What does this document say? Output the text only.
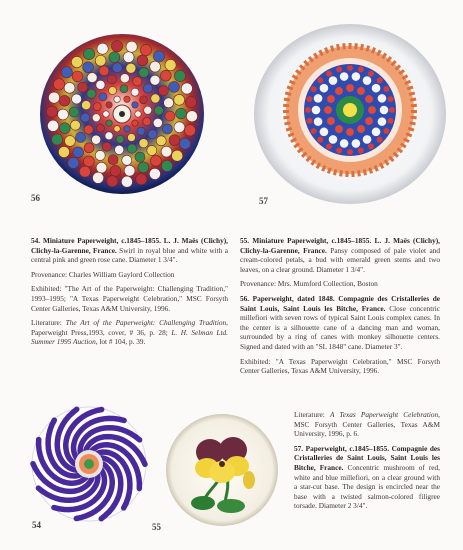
56	57
54	55

54. Miniature Paperweight, c.1845–1855. L. J. Maës (Clichy), Clichy-la-Garenne, France. Swirl in royal blue and white with a central pink and green rose cane. Diameter 1 3/4".

Provenance: Charles William Gaylord Collection

Exhibited: "The Art of the Paperweight: Challenging Tradition," 1993–1995; "A Texas Paperweight Celebration," MSC Forsyth Center Galleries, Texas A&M University, 1996.

Literature: The Art of the Paperweight: Challenging Tradition, Paperweight Press,1993, cover, # 36, p. 28; L. H. Selman Ltd. Summer 1995 Auction, lot # 104, p. 39.

55. Miniature Paperweight, c.1845–1855. L. J. Maës (Clichy), Clichy-la-Garenne, France. Pansy composed of pale violet and cream-colored petals, a bud with emerald green stems and two leaves, on a clear ground. Diameter 1 3/4".

Provenance: Mrs. Mumford Collection, Boston

56. Paperweight, dated 1848. Compagnie des Cristalleries de Saint Louis, Saint Louis les Bitche, France. Close concentric millefiori with seven rows of typical Saint Louis complex canes. In the center is a silhouette cane of a dancing man and woman, surrounded by a ring of canes with monkey silhouette centers. Signed and dated with an "SL 1848" cane. Diameter 3".

Exhibited: "A Texas Paperweight Celebration," MSC Forsyth Center Galleries, Texas A&M University, 1996.

Literature: A Texas Paperweight Celebration, MSC Forsyth Center Galleries, Texas A&M University, 1996, p. 6.

57. Paperweight, c.1845–1855. Compagnie des Cristalleries de Saint Louis, Saint Louis les Bitche, France. Concentric mushroom of red, white and blue millefiori, on a clear ground with a star-cut base. The design is encircled near the base with a twisted salmon-colored filigree torsade. Diameter 2 3/4".
